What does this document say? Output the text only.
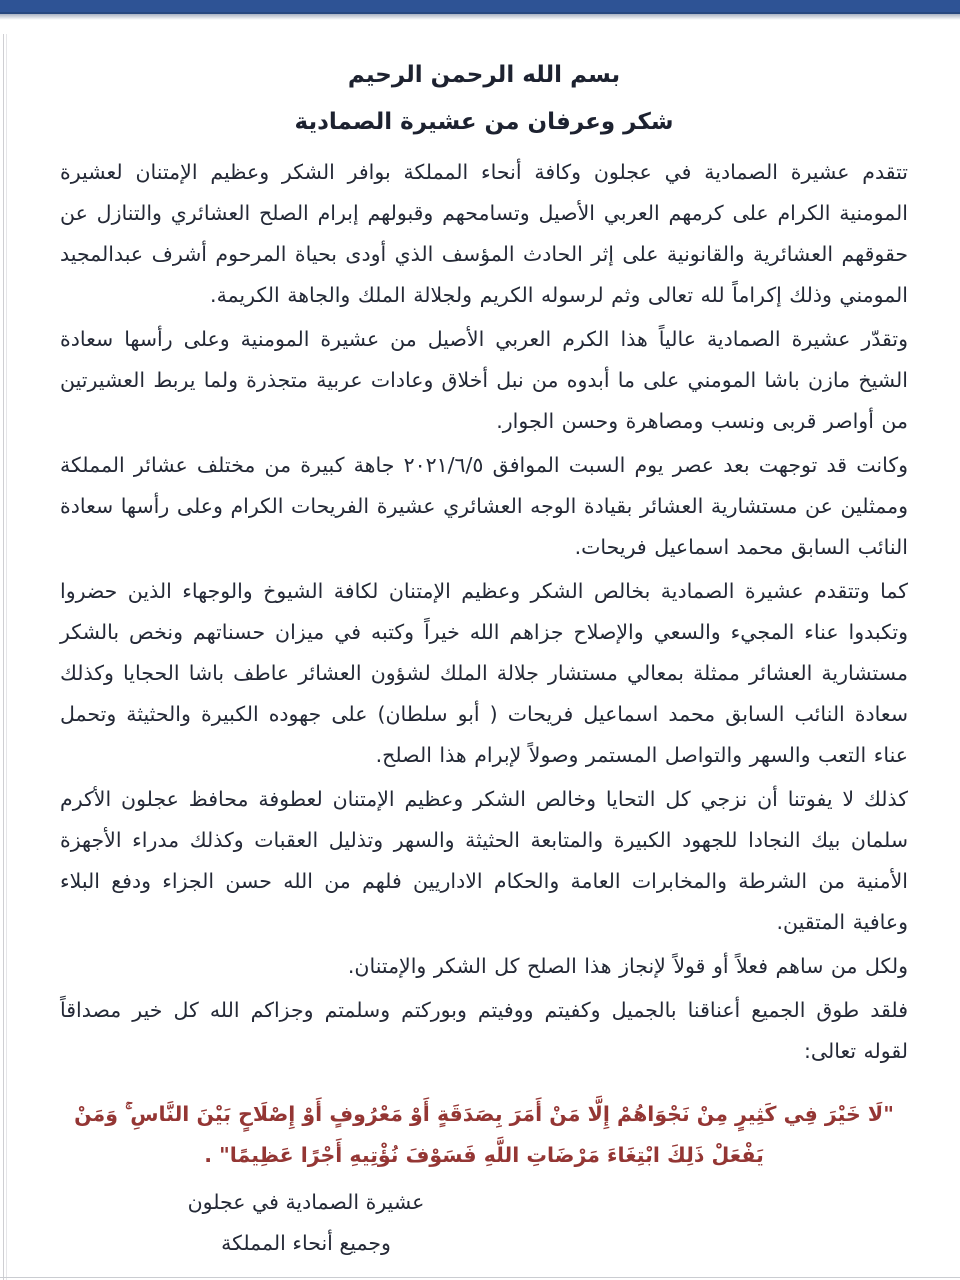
بسم الله الرحمن الرحيم
شكر وعرفان من عشيرة الصمادية

تتقدم عشيرة الصمادية في عجلون وكافة أنحاء المملكة بوافر الشكر وعظيم الإمتنان لعشيرة المومنية الكرام على كرمهم العربي الأصيل وتسامحهم وقبولهم إبرام الصلح العشائري والتنازل عن حقوقهم العشائرية والقانونية على إثر الحادث المؤسف الذي أودى بحياة المرحوم أشرف عبدالمجيد المومني وذلك إكراماً لله تعالى وثم لرسوله الكريم ولجلالة الملك والجاهة الكريمة.

وتقدّر عشيرة الصمادية عالياً هذا الكرم العربي الأصيل من عشيرة المومنية وعلى رأسها سعادة الشيخ مازن باشا المومني على ما أبدوه من نبل أخلاق وعادات عربية متجذرة ولما يربط العشيرتين من أواصر قربى ونسب ومصاهرة وحسن الجوار.

وكانت قد توجهت بعد عصر يوم السبت الموافق ٢٠٢١/٦/٥ جاهة كبيرة من مختلف عشائر المملكة وممثلين عن مستشارية العشائر بقيادة الوجه العشائري عشيرة الفريحات الكرام وعلى رأسها سعادة النائب السابق محمد اسماعيل فريحات.

كما وتتقدم عشيرة الصمادية بخالص الشكر وعظيم الإمتنان لكافة الشيوخ والوجهاء الذين حضروا وتكبدوا عناء المجيء والسعي والإصلاح جزاهم الله خيراً وكتبه في ميزان حسناتهم ونخص بالشكر مستشارية العشائر ممثلة بمعالي مستشار جلالة الملك لشؤون العشائر عاطف باشا الحجايا وكذلك سعادة النائب السابق محمد اسماعيل فريحات ( أبو سلطان) على جهوده الكبيرة والحثيثة وتحمل عناء التعب والسهر والتواصل المستمر وصولاً لإبرام هذا الصلح.

كذلك لا يفوتنا أن نزجي كل التحايا وخالص الشكر وعظيم الإمتنان لعطوفة محافظ عجلون الأكرم سلمان بيك النجادا للجهود الكبيرة والمتابعة الحثيثة والسهر وتذليل العقبات وكذلك مدراء الأجهزة الأمنية من الشرطة والمخابرات العامة والحكام الاداريين فلهم من الله حسن الجزاء ودفع البلاء وعافية المتقين.

ولكل من ساهم فعلاً أو قولاً لإنجاز هذا الصلح كل الشكر والإمتنان.

فلقد طوق الجميع أعناقنا بالجميل وكفيتم ووفيتم وبوركتم وسلمتم وجزاكم الله كل خير مصداقاً لقوله تعالى:

"لَا خَيْرَ فِي كَثِيرٍ مِنْ نَجْوَاهُمْ إِلَّا مَنْ أَمَرَ بِصَدَقَةٍ أَوْ مَعْرُوفٍ أَوْ إِصْلَاحٍ بَيْنَ النَّاسِ ۚ وَمَنْ يَفْعَلْ ذَلِكَ ابْتِغَاءَ مَرْضَاتِ اللَّهِ فَسَوْفَ نُؤْتِيهِ أَجْرًا عَظِيمًا" .

عشيرة الصمادية في عجلون

وجميع أنحاء المملكة
